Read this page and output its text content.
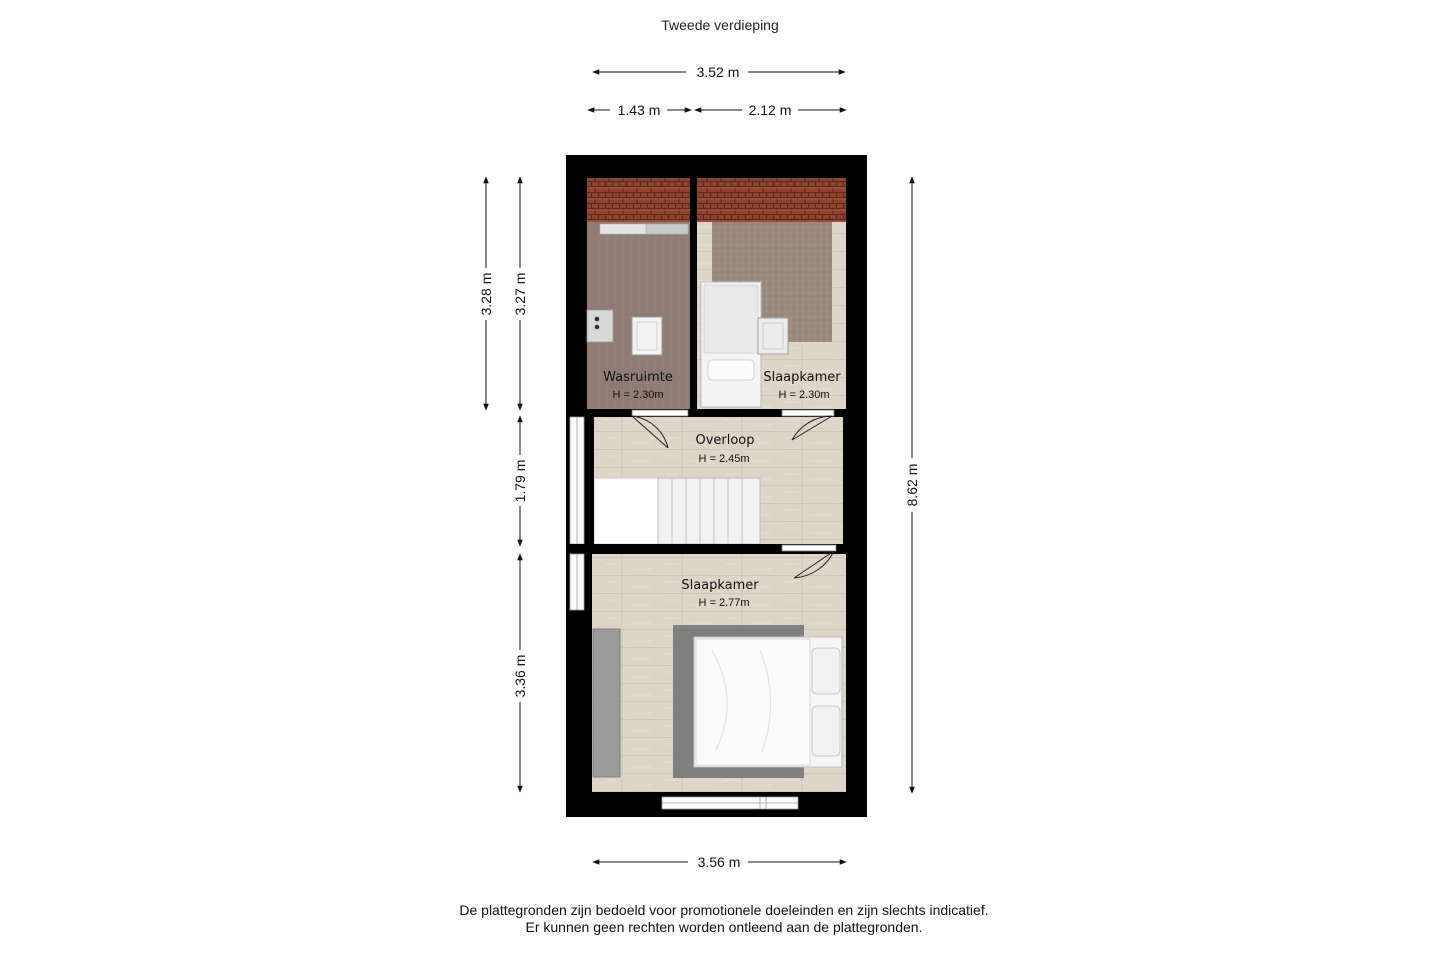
Tweede verdieping
3.52 m
1.43 m	2.12 m
3.28 m 3.27 m
1.79 m
3.36 m
8.62 m
3.56 m
Wasruimte
H = 2.30m
Slaapkamer
H = 2.30m
Overloop
H = 2.45m
Slaapkamer
H = 2.77m
De plattegronden zijn bedoeld voor promotionele doeleinden en zijn slechts indicatief.
Er kunnen geen rechten worden ontleend aan de plattegronden.
